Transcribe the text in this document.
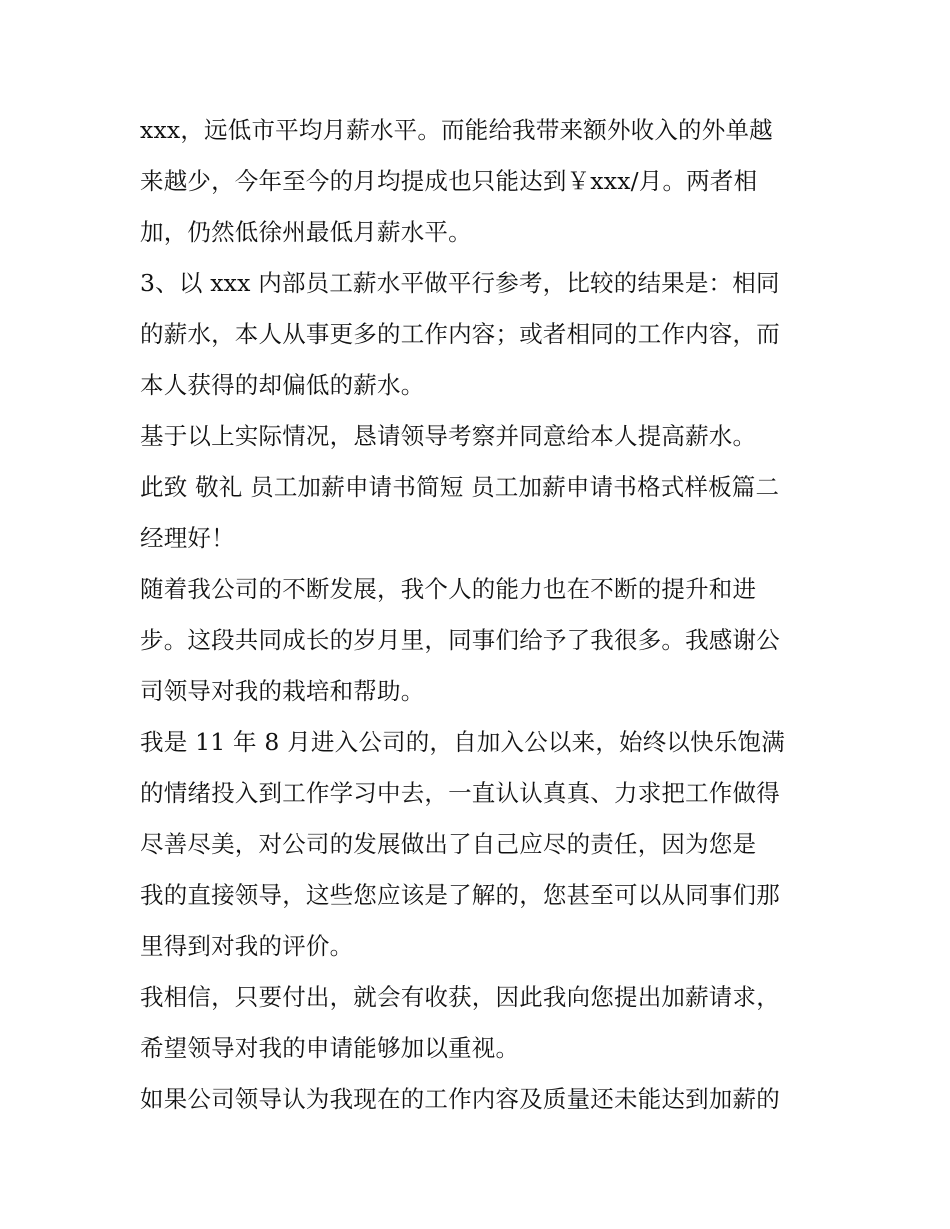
xxx，远低市平均月薪水平。而能给我带来额外收入的外单越
来越少，今年至今的月均提成也只能达到￥xxx/月。两者相
加，仍然低徐州最低月薪水平。
3、以 xxx 内部员工薪水平做平行参考，比较的结果是：相同
的薪水，本人从事更多的工作内容；或者相同的工作内容，而
本人获得的却偏低的薪水。
基于以上实际情况，恳请领导考察并同意给本人提高薪水。
此致 敬礼 员工加薪申请书简短 员工加薪申请书格式样板篇二
经理好！
随着我公司的不断发展，我个人的能力也在不断的提升和进
步。这段共同成长的岁月里，同事们给予了我很多。我感谢公
司领导对我的栽培和帮助。
我是 11 年 8 月进入公司的，自加入公以来，始终以快乐饱满
的情绪投入到工作学习中去，一直认认真真、力求把工作做得
尽善尽美，对公司的发展做出了自己应尽的责任，因为您是
我的直接领导，这些您应该是了解的，您甚至可以从同事们那
里得到对我的评价。
我相信，只要付出，就会有收获，因此我向您提出加薪请求，
希望领导对我的申请能够加以重视。
如果公司领导认为我现在的工作内容及质量还未能达到加薪的
